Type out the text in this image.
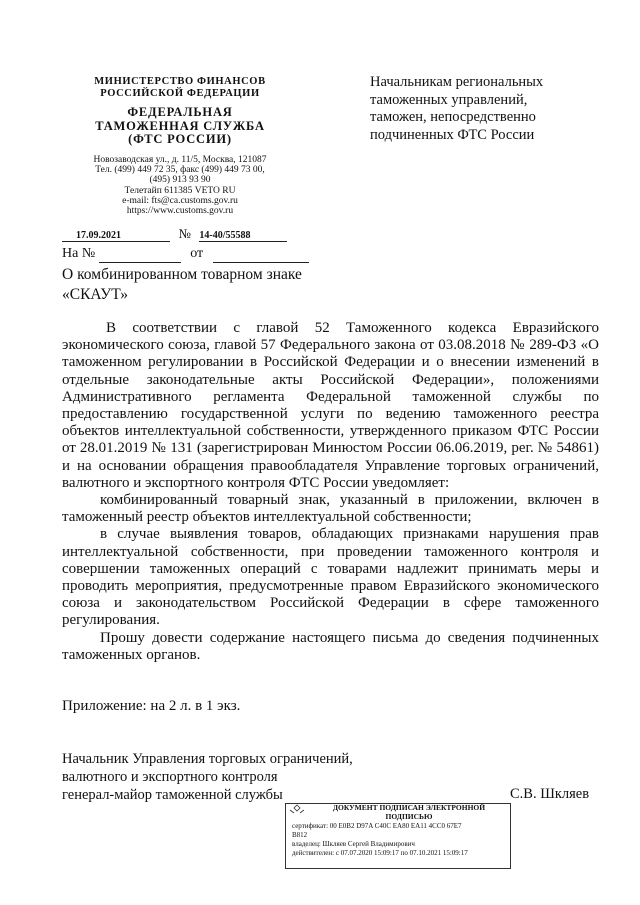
МИНИСТЕРСТВО ФИНАНСОВ
РОССИЙСКОЙ ФЕДЕРАЦИИ
ФЕДЕРАЛЬНАЯ
ТАМОЖЕННАЯ СЛУЖБА
(ФТС РОССИИ)
Новозаводская ул., д. 11/5, Москва, 121087
Тел. (499) 449 72 35, факс (499) 449 73 00,
(495) 913 93 90
Телетайп 611385 VETO RU
e-mail: fts@ca.customs.gov.ru
https://www.customs.gov.ru
Начальникам региональных
таможенных управлений,
таможен, непосредственно
подчиненных ФТС России
17.09.2021	№ 14-40/55588
На №	от
О комбинированном товарном знаке
«СКАУТ»

В соответствии с главой 52 Таможенного кодекса Евразийского экономического союза, главой 57 Федерального закона от 03.08.2018 № 289-ФЗ «О таможенном регулировании в Российской Федерации и о внесении изменений в отдельные законодательные акты Российской Федерации», положениями Административного регламента Федеральной таможенной службы по предоставлению государственной услуги по ведению таможенного реестра объектов интеллектуальной собственности, утвержденного приказом ФТС России от 28.01.2019 № 131 (зарегистрирован Минюстом России 06.06.2019, рег. № 54861) и на основании обращения правообладателя Управление торговых ограничений, валютного и экспортного контроля ФТС России уведомляет:

комбинированный товарный знак, указанный в приложении, включен в таможенный реестр объектов интеллектуальной собственности;

в случае выявления товаров, обладающих признаками нарушения прав интеллектуальной собственности, при проведении таможенного контроля и совершении таможенных операций с товарами надлежит принимать меры и проводить мероприятия, предусмотренные правом Евразийского экономического союза и законодательством Российской Федерации в сфере таможенного регулирования.

Прошу довести содержание настоящего письма до сведения подчиненных таможенных органов.

Приложение: на 2 л. в 1 экз.
Начальник Управления торговых ограничений,
валютного и экспортного контроля
генерал-майор таможенной службы	С.В. Шкляев
ДОКУМЕНТ ПОДПИСАН ЭЛЕКТРОННОЙ
ПОДПИСЬЮ
сертификат: 00 E0B2 D97A C40C EA80 EA11 4CC0 67E7
B812
владелец: Шкляев Сергей Владимирович
действителен: с 07.07.2020 15:09:17 по 07.10.2021 15:09:17
